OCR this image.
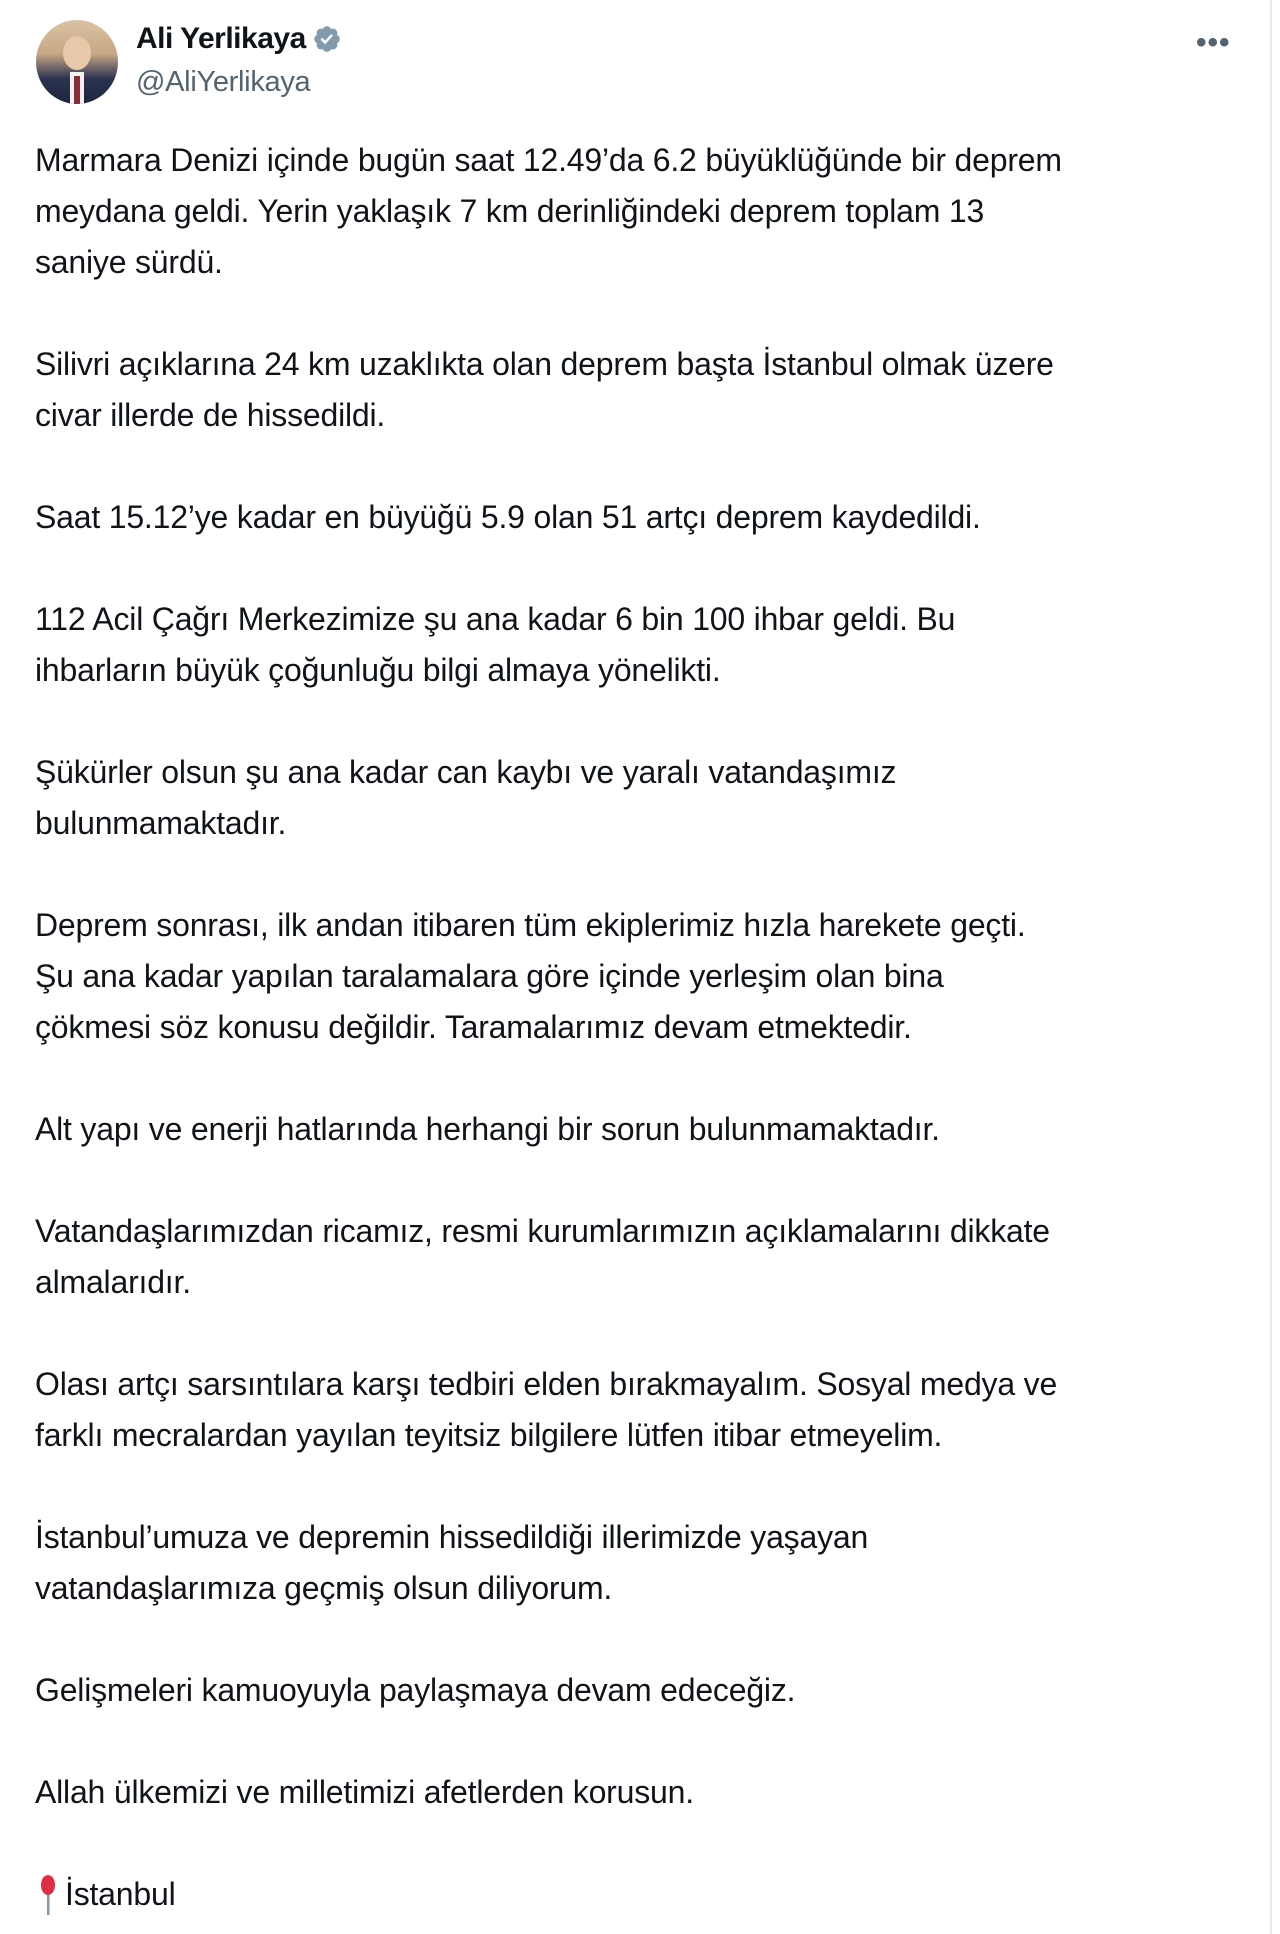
Ali Yerlikaya
@AliYerlikaya
•••

Marmara Denizi içinde bugün saat 12.49’da 6.2 büyüklüğünde bir deprem
meydana geldi. Yerin yaklaşık 7 km derinliğindeki deprem toplam 13
saniye sürdü.

Silivri açıklarına 24 km uzaklıkta olan deprem başta İstanbul olmak üzere
civar illerde de hissedildi.

Saat 15.12’ye kadar en büyüğü 5.9 olan 51 artçı deprem kaydedildi.

112 Acil Çağrı Merkezimize şu ana kadar 6 bin 100 ihbar geldi. Bu
ihbarların büyük çoğunluğu bilgi almaya yönelikti.

Şükürler olsun şu ana kadar can kaybı ve yaralı vatandaşımız
bulunmamaktadır.

Deprem sonrası, ilk andan itibaren tüm ekiplerimiz hızla harekete geçti.
Şu ana kadar yapılan taralamalara göre içinde yerleşim olan bina
çökmesi söz konusu değildir. Taramalarımız devam etmektedir.

Alt yapı ve enerji hatlarında herhangi bir sorun bulunmamaktadır.

Vatandaşlarımızdan ricamız, resmi kurumlarımızın açıklamalarını dikkate
almalarıdır.

Olası artçı sarsıntılara karşı tedbiri elden bırakmayalım. Sosyal medya ve
farklı mecralardan yayılan teyitsiz bilgilere lütfen itibar etmeyelim.

İstanbul’umuza ve depremin hissedildiği illerimizde yaşayan
vatandaşlarımıza geçmiş olsun diliyorum.

Gelişmeleri kamuoyuyla paylaşmaya devam edeceğiz.

Allah ülkemizi ve milletimizi afetlerden korusun.

İstanbul
